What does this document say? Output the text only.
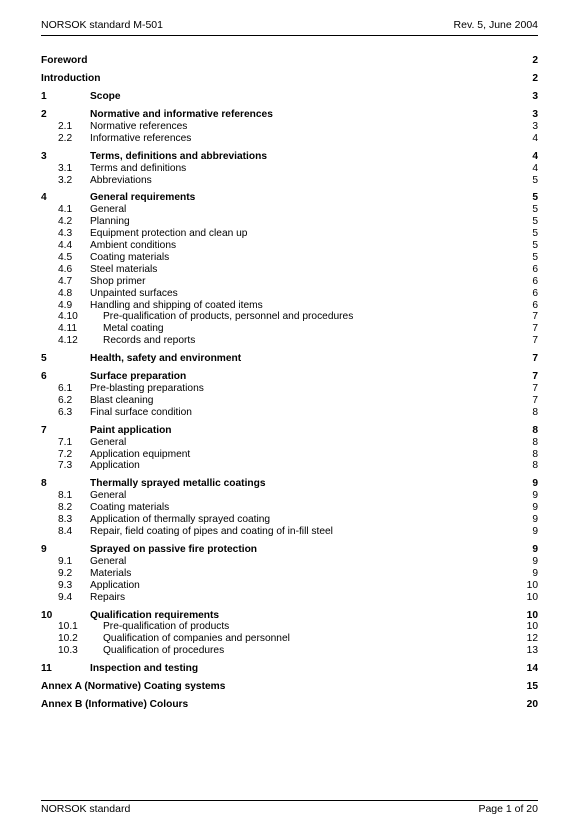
NORSOK standard M-501	Rev. 5, June 2004
Foreword	2
Introduction	2
1	Scope	3
2	Normative and informative references	3
2.1 Normative references	3
2.2 Informative references	4
3	Terms, definitions and abbreviations	4
3.1 Terms and definitions	4
3.2 Abbreviations	5
4	General requirements	5
4.1 General	5
4.2 Planning	5
4.3 Equipment protection and clean up	5
4.4 Ambient conditions	5
4.5 Coating materials	5
4.6 Steel materials	6
4.7 Shop primer	6
4.8 Unpainted surfaces	6
4.9 Handling and shipping of coated items	6
4.10 Pre-qualification of products, personnel and procedures	7
4.11	Metal coating	7
4.12 Records and reports	7
5	Health, safety and environment	7
6	Surface preparation	7
6.1 Pre-blasting preparations	7
6.2 Blast cleaning	7
6.3 Final surface condition	8
7	Paint application	8
7.1 General	8
7.2 Application equipment	8
7.3 Application	8
8	Thermally sprayed metallic coatings	9
8.1 General	9
8.2 Coating materials	9
8.3 Application of thermally sprayed coating	9
8.4 Repair, field coating of pipes and coating of in-fill steel	9
9	Sprayed on passive fire protection	9
9.1 General	9
9.2 Materials	9
9.3 Application	10
9.4 Repairs	10
10	Qualification requirements	10
10.1 Pre-qualification of products	10
10.2 Qualification of companies and personnel	12
10.3 Qualification of procedures	13
11	Inspection and testing	14
Annex A (Normative) Coating systems	15
Annex B (Informative) Colours	20
NORSOK standard	Page 1 of 20
